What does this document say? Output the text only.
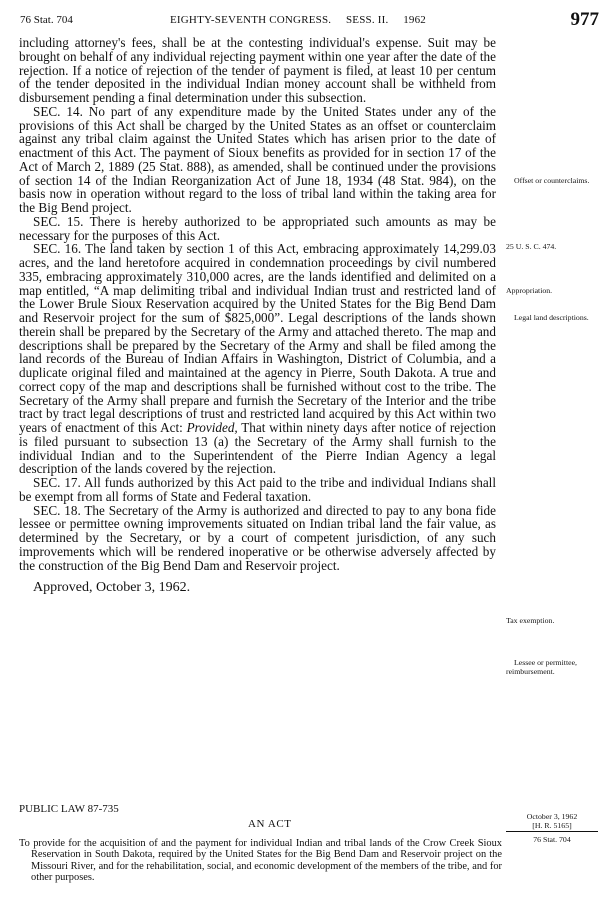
76 Stat. 704	EIGHTY-SEVENTH CONGRESS.     SESS. II.     1962	977

including attorney's fees, shall be at the contesting individual's expense. Suit may be brought on behalf of any individual rejecting payment within one year after the date of the rejection. If a notice of rejection of the tender of payment is filed, at least 10 per centum of the tender deposited in the individual Indian money account shall be withheld from disbursement pending a final determination under this subsection.

SEC. 14. No part of any expenditure made by the United States under any of the provisions of this Act shall be charged by the United States as an offset or counterclaim against any tribal claim against the United States which has arisen prior to the date of enactment of this Act. The payment of Sioux benefits as provided for in section 17 of the Act of March 2, 1889 (25 Stat. 888), as amended, shall be continued under the provisions of section 14 of the Indian Reorganization Act of June 18, 1934 (48 Stat. 984), on the basis now in operation without regard to the loss of tribal land within the taking area for the Big Bend project.

SEC. 15. There is hereby authorized to be appropriated such amounts as may be necessary for the purposes of this Act.

SEC. 16. The land taken by section 1 of this Act, embracing approximately 14,299.03 acres, and the land heretofore acquired in condemnation proceedings by civil numbered 335, embracing approximately 310,000 acres, are the lands identified and delimited on a map entitled, “A map delimiting tribal and individual Indian trust and restricted land of the Lower Brule Sioux Reservation acquired by the United States for the Big Bend Dam and Reservoir project for the sum of $825,000”. Legal descriptions of the lands shown therein shall be prepared by the Secretary of the Army and attached thereto. The map and descriptions shall be prepared by the Secretary of the Army and shall be filed among the land records of the Bureau of Indian Affairs in Washington, District of Columbia, and a duplicate original filed and maintained at the agency in Pierre, South Dakota. A true and correct copy of the map and descriptions shall be furnished without cost to the tribe. The Secretary of the Army shall prepare and furnish the Secretary of the Interior and the tribe tract by tract legal descriptions of trust and restricted land acquired by this Act within two years of enactment of this Act: Provided, That within ninety days after notice of rejection is filed pursuant to subsection 13 (a) the Secretary of the Army shall furnish to the individual Indian and to the Superintendent of the Pierre Indian Agency a legal description of the lands covered by the rejection.

SEC. 17. All funds authorized by this Act paid to the tribe and individual Indians shall be exempt from all forms of State and Federal taxation.

SEC. 18. The Secretary of the Army is authorized and directed to pay to any bona fide lessee or permittee owning improvements situated on Indian tribal land the fair value, as determined by the Secretary, or by a court of competent jurisdiction, of any such improvements which will be rendered inoperative or be otherwise adversely affected by the construction of the Big Bend Dam and Reservoir project.

Approved, October 3, 1962.

Offset or counterclaims.
25 U. S. C. 474.
Appropriation.
Legal land descriptions.
Tax exemption.
Lessee or permittee, reimbursement.
PUBLIC LAW 87-735
AN ACT
October 3, 1962
[H. R. 5165]
76 Stat. 704
To provide for the acquisition of and the payment for individual Indian and tribal lands of the Crow Creek Sioux Reservation in South Dakota, required by the United States for the Big Bend Dam and Reservoir project on the Missouri River, and for the rehabilitation, social, and economic development of the members of the tribe, and for other purposes.
